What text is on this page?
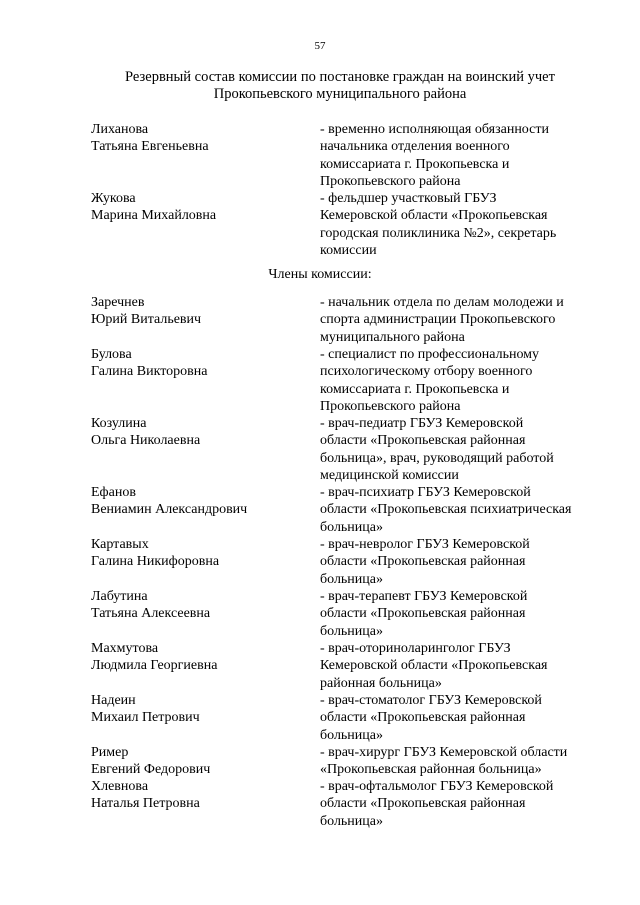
57
Резервный состав комиссии по постановке граждан на воинский учет
Прокопьевского муниципального района
Члены комиссии:
Лиханова
Татьяна Евгеньевна
- временно исполняющая обязанности
начальника отделения военного
комиссариата г. Прокопьевска и
Прокопьевского района
Жукова
Марина Михайловна
- фельдшер участковый ГБУЗ
Кемеровской области «Прокопьевская
городская поликлиника №2», секретарь
комиссии
Заречнев
Юрий Витальевич
- начальник отдела по делам молодежи и
спорта администрации Прокопьевского
муниципального района
Булова
Галина Викторовна
- специалист по профессиональному
психологическому отбору военного
комиссариата г. Прокопьевска и
Прокопьевского района
Козулина
Ольга Николаевна
- врач-педиатр ГБУЗ Кемеровской
области «Прокопьевская районная
больница», врач, руководящий работой
медицинской комиссии
Ефанов
Вениамин Александрович
- врач-психиатр ГБУЗ Кемеровской
области «Прокопьевская психиатрическая
больница»
Картавых
Галина Никифоровна
- врач-невролог ГБУЗ Кемеровской
области «Прокопьевская районная
больница»
Лабутина
Татьяна Алексеевна
- врач-терапевт ГБУЗ Кемеровской
области «Прокопьевская районная
больница»
Махмутова
Людмила Георгиевна
- врач-оториноларинголог ГБУЗ
Кемеровской области «Прокопьевская
районная больница»
Надеин
Михаил Петрович
- врач-стоматолог ГБУЗ Кемеровской
области «Прокопьевская районная
больница»
Ример
Евгений Федорович
- врач-хирург ГБУЗ Кемеровской области
«Прокопьевская районная больница»
Хлевнова
Наталья Петровна
- врач-офтальмолог ГБУЗ Кемеровской
области «Прокопьевская районная
больница»
